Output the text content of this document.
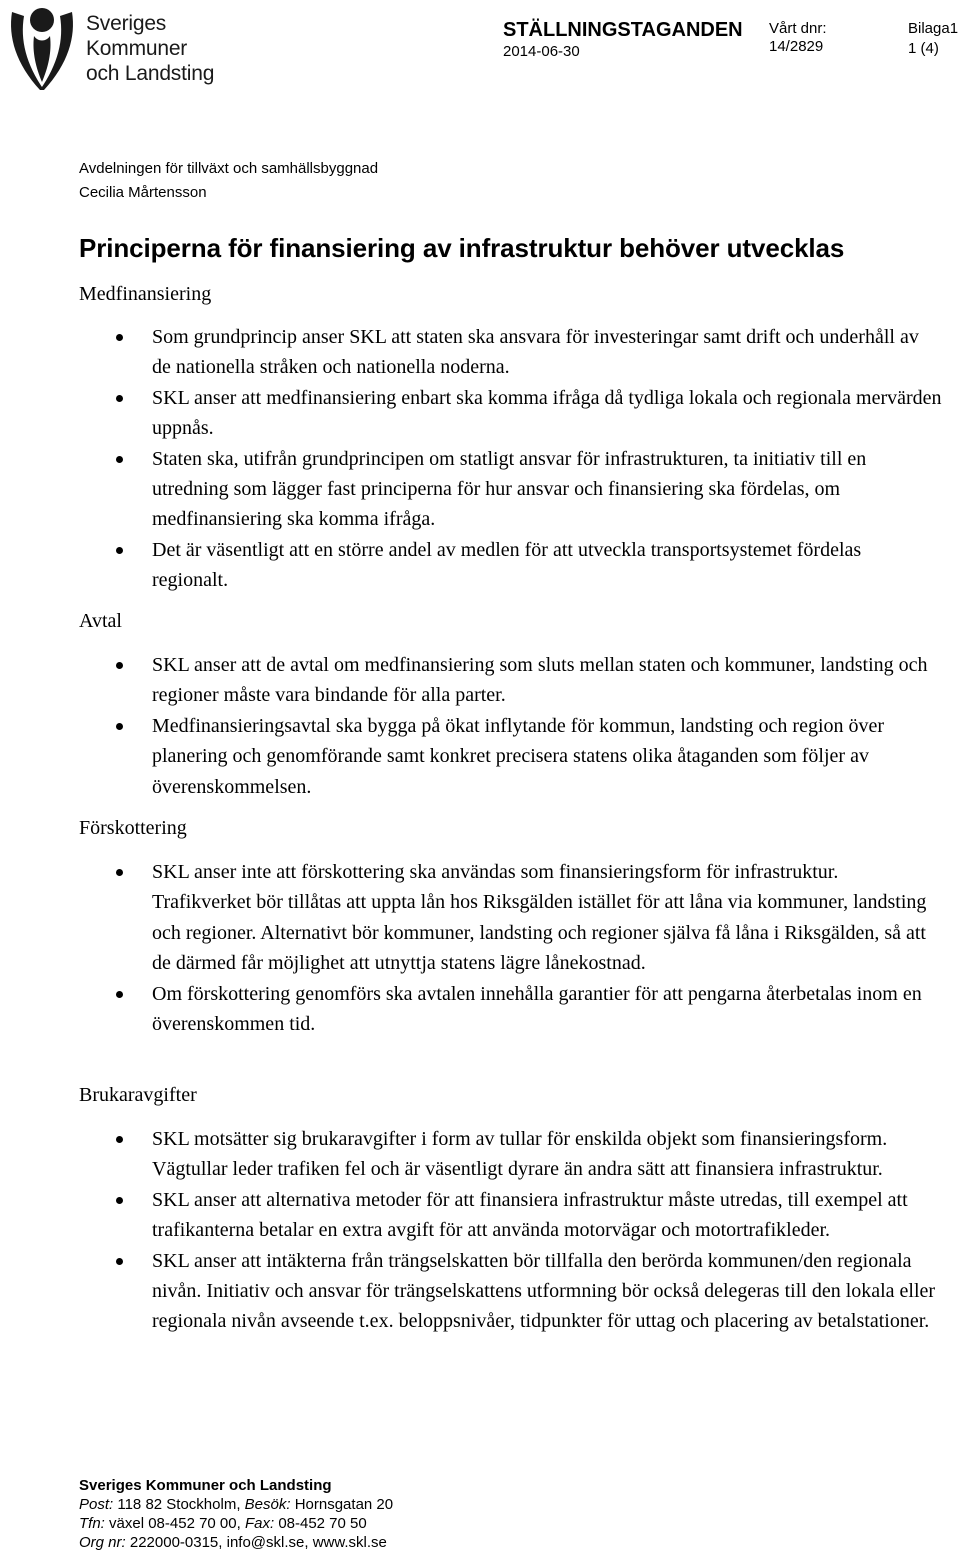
Sveriges
Kommuner
och Landsting
STÄLLNINGSTAGANDEN
2014-06-30
Vårt dnr:
14/2829
Bilaga1
1 (4)
Avdelningen för tillväxt och samhällsbyggnad
Cecilia Mårtensson
Principerna för finansiering av infrastruktur behöver utvecklas
Medfinansiering
Som grundprincip anser SKL att staten ska ansvara för investeringar samt drift och underhåll av de nationella stråken och nationella noderna.
SKL anser att medfinansiering enbart ska komma ifråga då tydliga lokala och regionala mervärden uppnås.
Staten ska, utifrån grundprincipen om statligt ansvar för infrastrukturen, ta initiativ till en utredning som lägger fast principerna för hur ansvar och finansiering ska fördelas, om medfinansiering ska komma ifråga.
Det är väsentligt att en större andel av medlen för att utveckla transportsystemet fördelas regionalt.
Avtal
SKL anser att de avtal om medfinansiering som sluts mellan staten och kommuner, landsting och regioner måste vara bindande för alla parter.
Medfinansieringsavtal ska bygga på ökat inflytande för kommun, landsting och region över planering och genomförande samt konkret precisera statens olika åtaganden som följer av överenskommelsen.
Förskottering
SKL anser inte att förskottering ska användas som finansieringsform för infrastruktur. Trafikverket bör tillåtas att uppta lån hos Riksgälden istället för att låna via kommuner, landsting och regioner. Alternativt bör kommuner, landsting och regioner själva få låna i Riksgälden, så att de därmed får möjlighet att utnyttja statens lägre lånekostnad.
Om förskottering genomförs ska avtalen innehålla garantier för att pengarna återbetalas inom en överenskommen tid.
Brukaravgifter
SKL motsätter sig brukaravgifter i form av tullar för enskilda objekt som finansieringsform. Vägtullar leder trafiken fel och är väsentligt dyrare än andra sätt att finansiera infrastruktur.
SKL anser att alternativa metoder för att finansiera infrastruktur måste utredas, till exempel att trafikanterna betalar en extra avgift för att använda motorvägar och motortrafikleder.
SKL anser att intäkterna från trängselskatten bör tillfalla den berörda kommunen/den regionala nivån. Initiativ och ansvar för trängselskattens utformning bör också delegeras till den lokala eller regionala nivån avseende t.ex. beloppsnivåer, tidpunkter för uttag och placering av betalstationer.
Sveriges Kommuner och Landsting
Post: 118 82 Stockholm, Besök: Hornsgatan 20
Tfn: växel 08-452 70 00, Fax: 08-452 70 50
Org nr: 222000-0315, info@skl.se, www.skl.se
